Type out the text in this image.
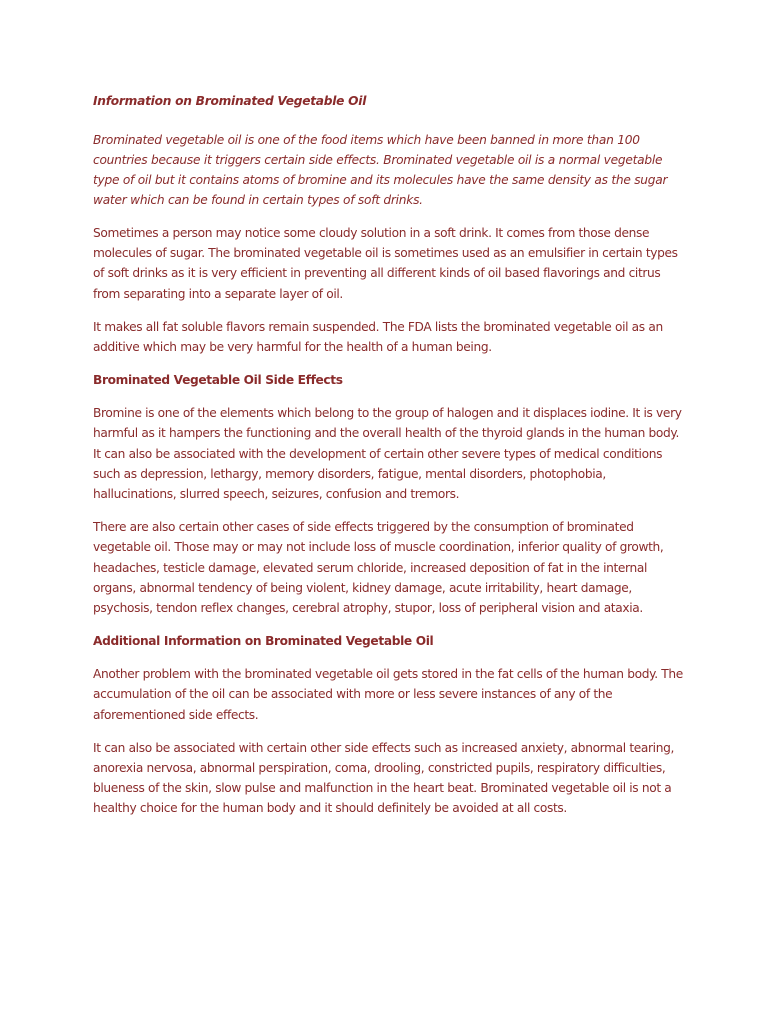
Information on Brominated Vegetable Oil

Brominated vegetable oil is one of the food items which have been banned in more than 100 countries because it triggers certain side effects. Brominated vegetable oil is a normal vegetable type of oil but it contains atoms of bromine and its molecules have the same density as the sugar water which can be found in certain types of soft drinks.

Sometimes a person may notice some cloudy solution in a soft drink. It comes from those dense molecules of sugar. The brominated vegetable oil is sometimes used as an emulsifier in certain types of soft drinks as it is very efficient in preventing all different kinds of oil based flavorings and citrus from separating into a separate layer of oil.

It makes all fat soluble flavors remain suspended. The FDA lists the brominated vegetable oil as an additive which may be very harmful for the health of a human being.

Brominated Vegetable Oil Side Effects

Bromine is one of the elements which belong to the group of halogen and it displaces iodine. It is very harmful as it hampers the functioning and the overall health of the thyroid glands in the human body. It can also be associated with the development of certain other severe types of medical conditions such as depression, lethargy, memory disorders, fatigue, mental disorders, photophobia, hallucinations, slurred speech, seizures, confusion and tremors.

There are also certain other cases of side effects triggered by the consumption of brominated vegetable oil. Those may or may not include loss of muscle coordination, inferior quality of growth, headaches, testicle damage, elevated serum chloride, increased deposition of fat in the internal organs, abnormal tendency of being violent, kidney damage, acute irritability, heart damage, psychosis, tendon reflex changes, cerebral atrophy, stupor, loss of peripheral vision and ataxia.

Additional Information on Brominated Vegetable Oil

Another problem with the brominated vegetable oil gets stored in the fat cells of the human body. The accumulation of the oil can be associated with more or less severe instances of any of the aforementioned side effects.

It can also be associated with certain other side effects such as increased anxiety, abnormal tearing, anorexia nervosa, abnormal perspiration, coma, drooling, constricted pupils, respiratory difficulties, blueness of the skin, slow pulse and malfunction in the heart beat. Brominated vegetable oil is not a healthy choice for the human body and it should definitely be avoided at all costs.
